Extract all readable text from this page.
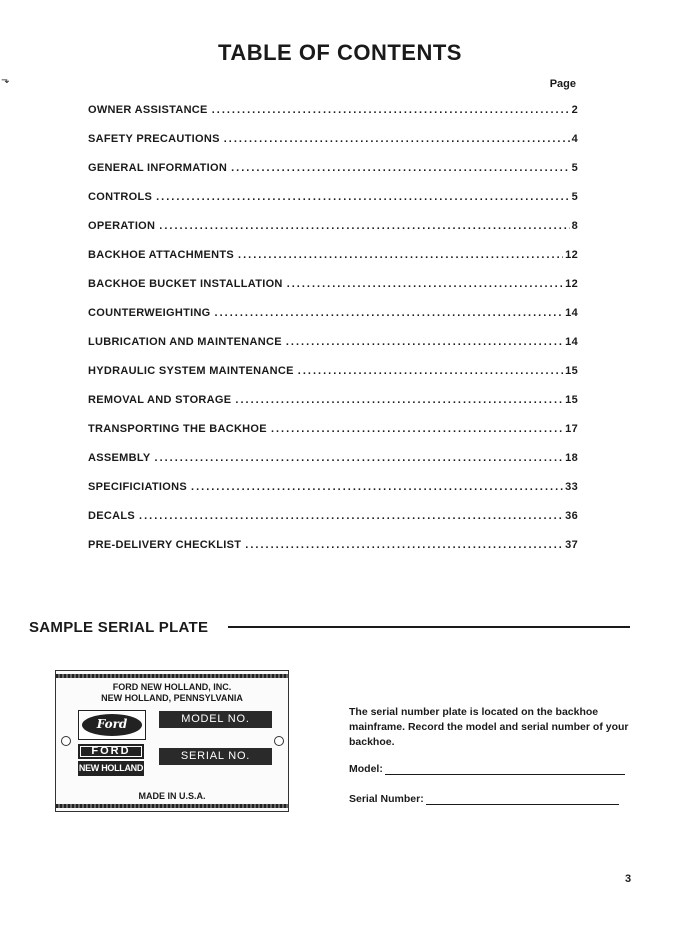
TABLE OF CONTENTS
⬎	Page
OWNER ASSISTANCE .....	2
SAFETY PRECAUTIONS .....	4
GENERAL INFORMATION .....	5
CONTROLS .....	5
OPERATION .....	8
BACKHOE ATTACHMENTS .....	12
BACKHOE BUCKET INSTALLATION .....	12
COUNTERWEIGHTING .....	14
LUBRICATION AND MAINTENANCE .....	14
HYDRAULIC SYSTEM MAINTENANCE .....	15
REMOVAL AND STORAGE .....	15
TRANSPORTING THE BACKHOE .....	17
ASSEMBLY .....	18
SPECIFICIATIONS .....	33
DECALS .....	36
PRE-DELIVERY CHECKLIST .....	37
SAMPLE SERIAL PLATE
FORD NEW HOLLAND, INC.
NEW HOLLAND, PENNSYLVANIA
Ford
FORD
NEW HOLLAND
MODEL NO.
SERIAL NO.
MADE IN U.S.A.
The serial number plate is located on the backhoe mainframe. Record the model and serial number of your backhoe.
Model:
Serial Number:
3
